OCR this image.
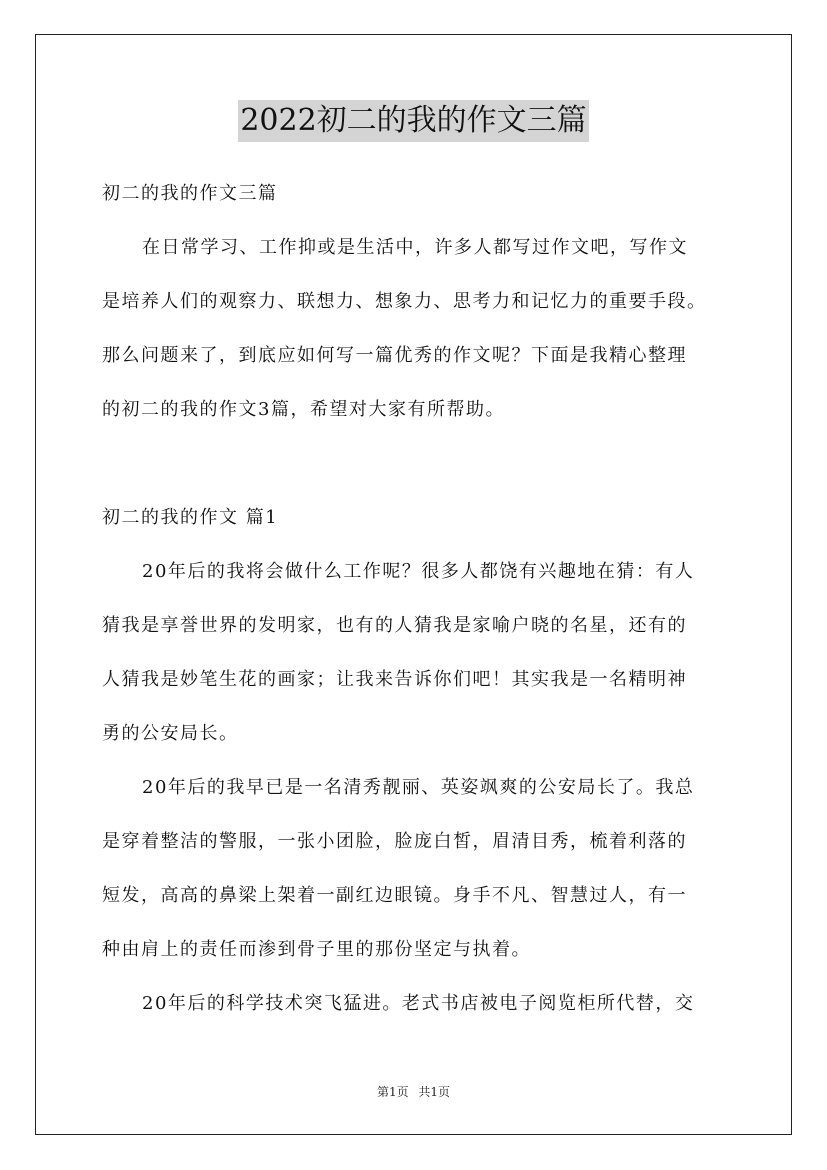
2022初二的我的作文三篇
初二的我的作文三篇
在日常学习、工作抑或是生活中，许多人都写过作文吧，写作文
是培养人们的观察力、联想力、想象力、思考力和记忆力的重要手段。
那么问题来了，到底应如何写一篇优秀的作文呢？下面是我精心整理
的初二的我的作文3篇，希望对大家有所帮助。
初二的我的作文 篇1
20年后的我将会做什么工作呢？很多人都饶有兴趣地在猜：有人
猜我是享誉世界的发明家，也有的人猜我是家喻户晓的名星，还有的
人猜我是妙笔生花的画家；让我来告诉你们吧！其实我是一名精明神
勇的公安局长。
20年后的我早已是一名清秀靓丽、英姿飒爽的公安局长了。我总
是穿着整洁的警服，一张小团脸，脸庞白皙，眉清目秀，梳着利落的
短发，高高的鼻梁上架着一副红边眼镜。身手不凡、智慧过人，有一
种由肩上的责任而渗到骨子里的那份坚定与执着。
20年后的科学技术突飞猛进。老式书店被电子阅览柜所代替，交
第1页 共1页
